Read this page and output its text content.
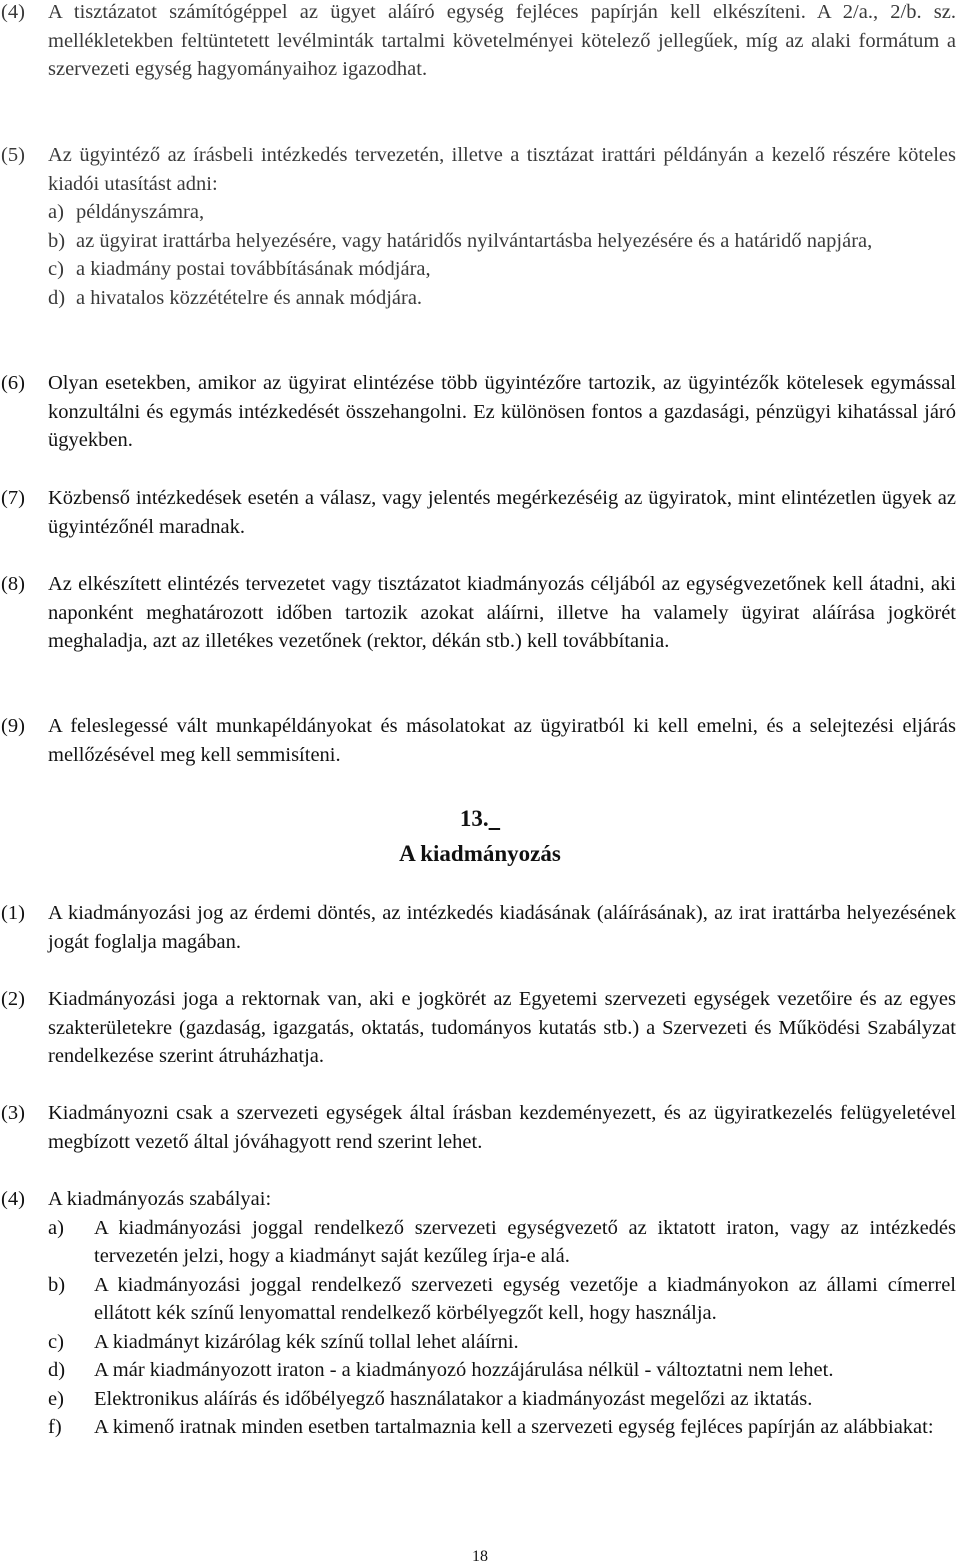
(4) A tisztázatot számítógéppel az ügyet aláíró egység fejléces papírján kell elkészíteni. A 2/a., 2/b. sz. mellékletekben feltüntetett levélminták tartalmi követelményei kötelező jellegűek, míg az alaki formátum a szervezeti egység hagyományaihoz igazodhat.
(5) Az ügyintéző az írásbeli intézkedés tervezetén, illetve a tisztázat irattári példányán a kezelő részére köteles kiadói utasítást adni:
a) példányszámra,
b) az ügyirat irattárba helyezésére, vagy határidős nyilvántartásba helyezésére és a határidő napjára,
c) a kiadmány postai továbbításának módjára,
d) a hivatalos közzétételre és annak módjára.
(6) Olyan esetekben, amikor az ügyirat elintézése több ügyintézőre tartozik, az ügyintézők kötelesek egymással konzultálni és egymás intézkedését összehangolni. Ez különösen fontos a gazdasági, pénzügyi kihatással járó ügyekben.
(7) Közbenső intézkedések esetén a válasz, vagy jelentés megérkezéséig az ügyiratok, mint elintézetlen ügyek az ügyintézőnél maradnak.
(8) Az elkészített elintézés tervezetet vagy tisztázatot kiadmányozás céljából az egységvezetőnek kell átadni, aki naponként meghatározott időben tartozik azokat aláírni, illetve ha valamely ügyirat aláírása jogkörét meghaladja, azt az illetékes vezetőnek (rektor, dékán stb.) kell továbbítania.
(9) A feleslegessé vált munkapéldányokat és másolatokat az ügyiratból ki kell emelni, és a selejtezési eljárás mellőzésével meg kell semmisíteni.
13.
A kiadmányozás
(1) A kiadmányozási jog az érdemi döntés, az intézkedés kiadásának (aláírásának), az irat irattárba helyezésének jogát foglalja magában.
(2) Kiadmányozási joga a rektornak van, aki e jogkörét az Egyetemi szervezeti egységek vezetőire és az egyes szakterületekre (gazdaság, igazgatás, oktatás, tudományos kutatás stb.) a Szervezeti és Működési Szabályzat rendelkezése szerint átruházhatja.
(3) Kiadmányozni csak a szervezeti egységek által írásban kezdeményezett, és az ügyiratkezelés felügyeletével megbízott vezető által jóváhagyott rend szerint lehet.
(4) A kiadmányozás szabályai:
a) A kiadmányozási joggal rendelkező szervezeti egységvezető az iktatott iraton, vagy az intézkedés tervezetén jelzi, hogy a kiadmányt saját kezűleg írja-e alá.
b) A kiadmányozási joggal rendelkező szervezeti egység vezetője a kiadmányokon az állami címerrel ellátott kék színű lenyomattal rendelkező körbélyegzőt kell, hogy használja.
c) A kiadmányt kizárólag kék színű tollal lehet aláírni.
d) A már kiadmányozott iraton - a kiadmányozó hozzájárulása nélkül - változtatni nem lehet.
e) Elektronikus aláírás és időbélyegző használatakor a kiadmányozást megelőzi az iktatás.
f) A kimenő iratnak minden esetben tartalmaznia kell a szervezeti egység fejléces papírján az alábbiakat:
18
